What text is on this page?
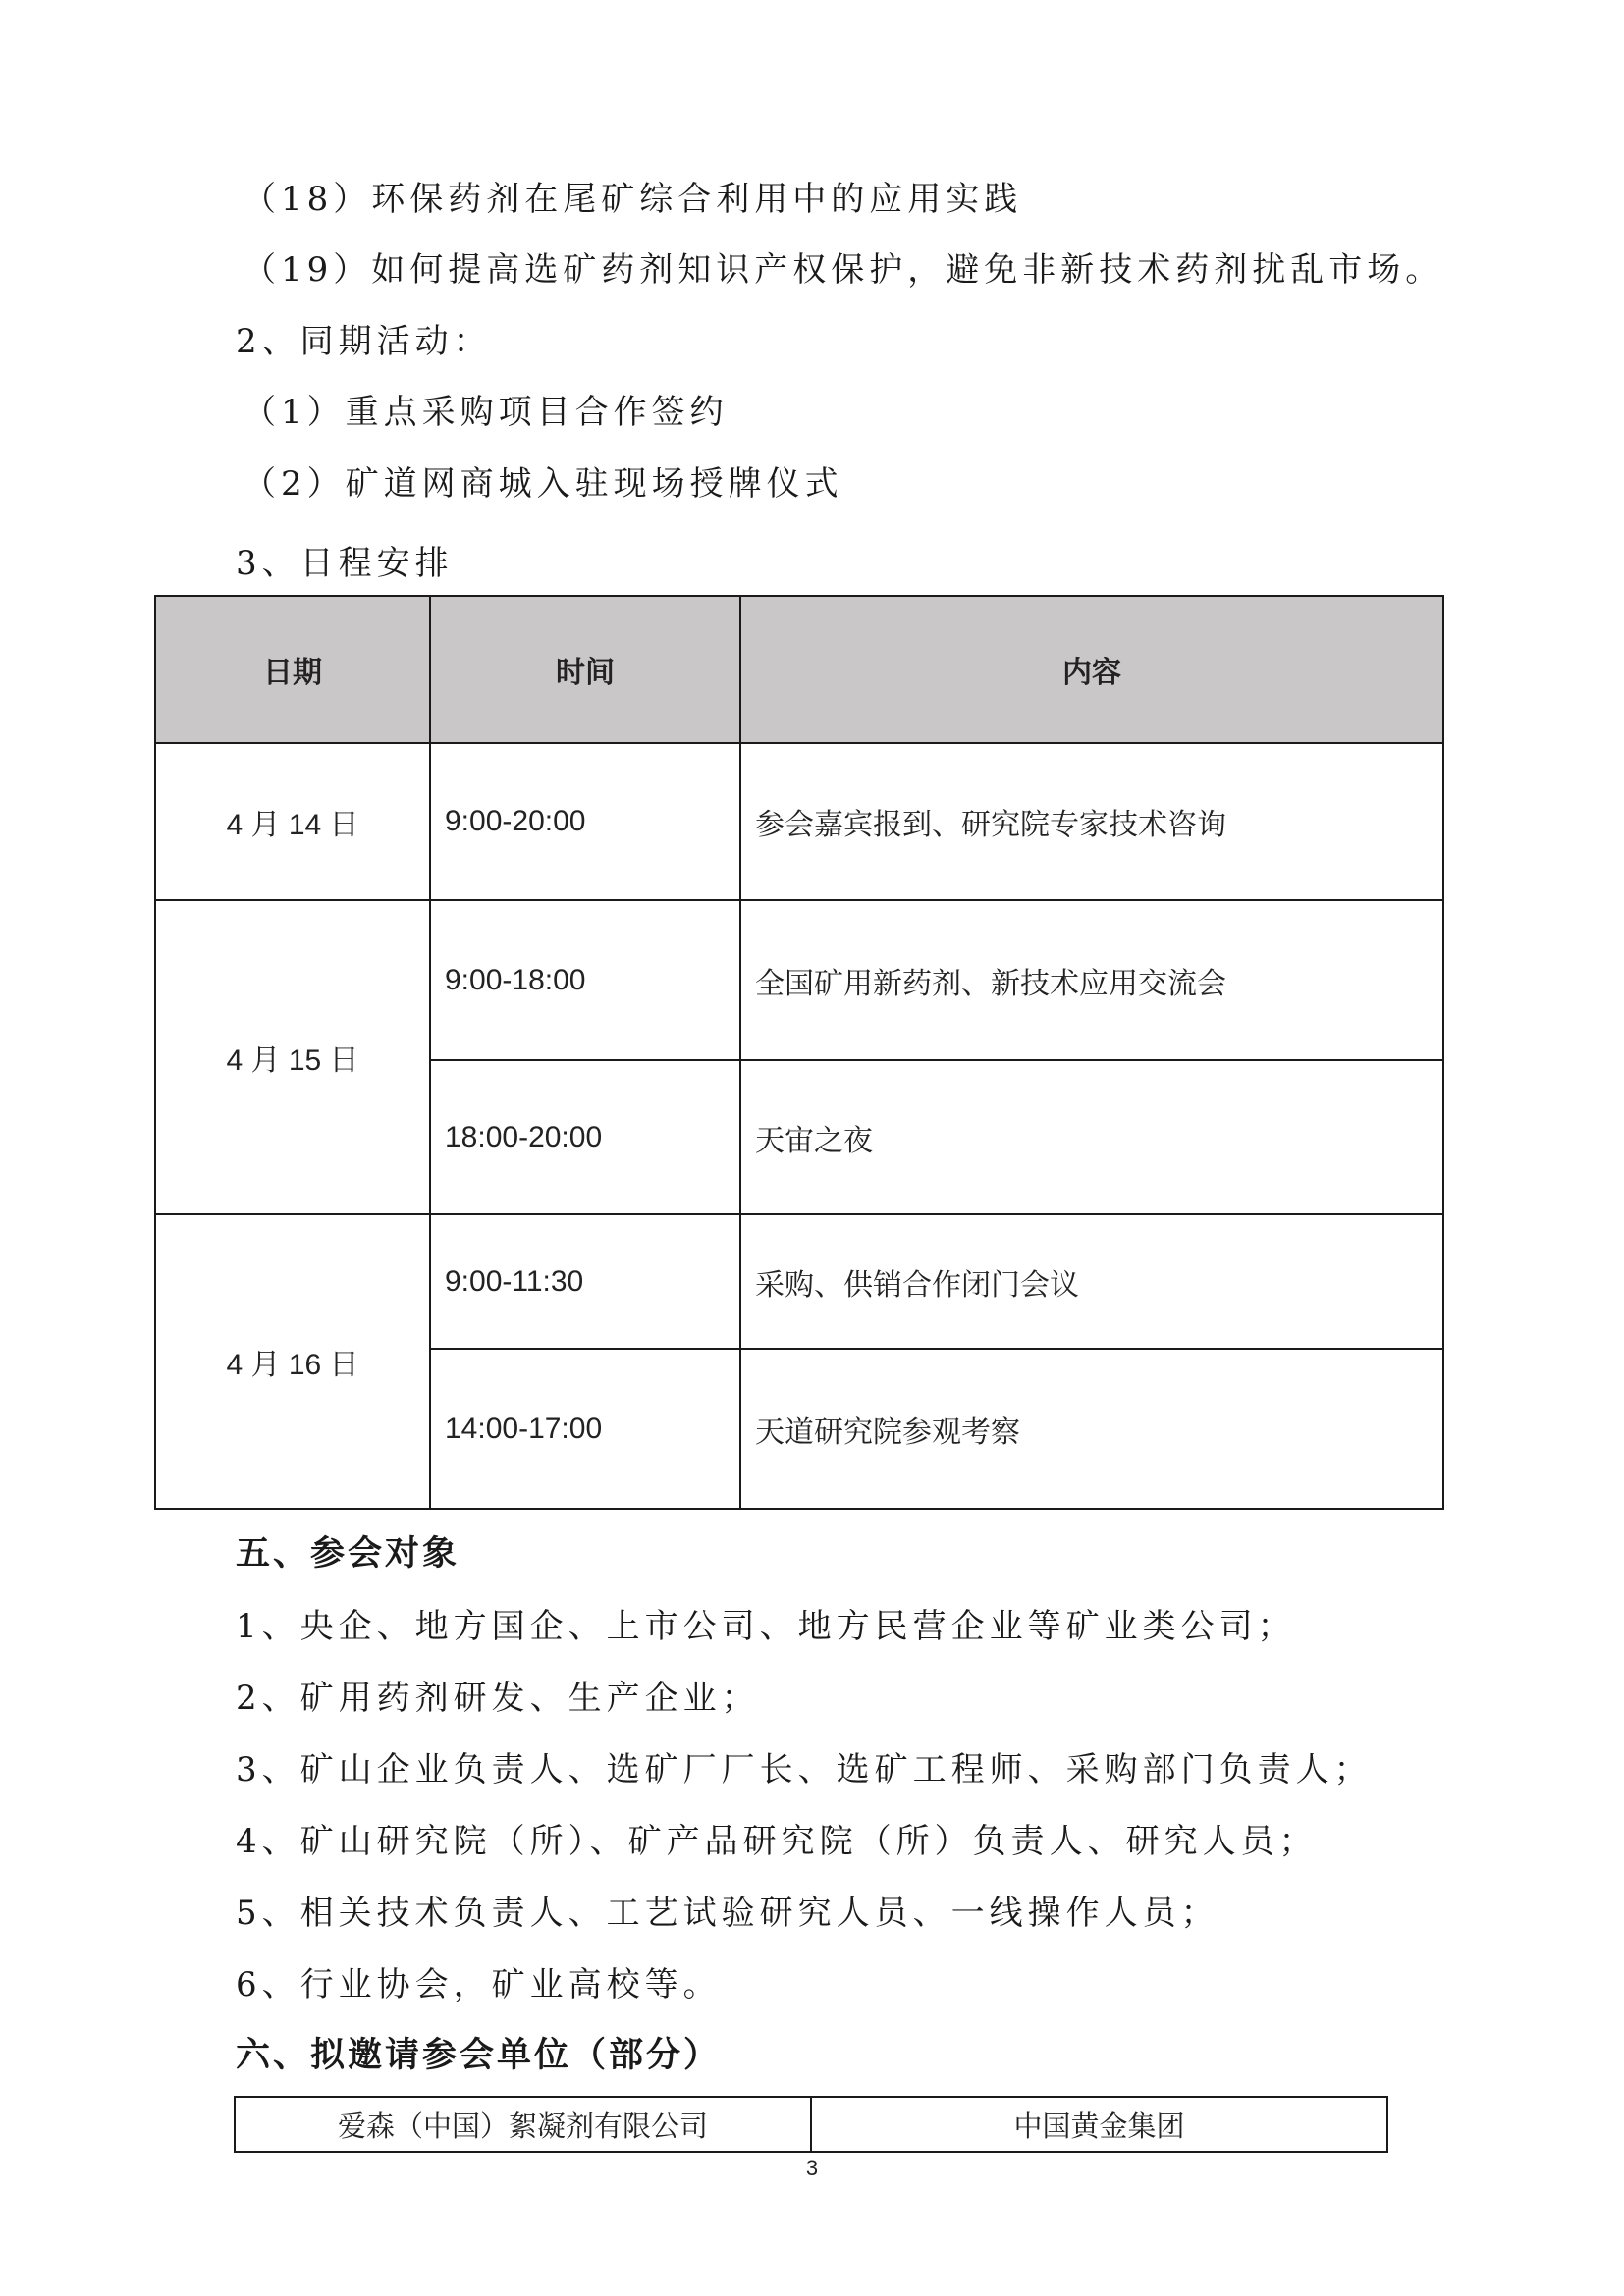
（18）环保药剂在尾矿综合利用中的应用实践
（19）如何提高选矿药剂知识产权保护，避免非新技术药剂扰乱市场。
2、同期活动：
（1）重点采购项目合作签约
（2）矿道网商城入驻现场授牌仪式
3、日程安排
日期	时间	内容
4 月 14 日	9:00-20:00	参会嘉宾报到、研究院专家技术咨询
4 月 15 日	9:00-18:00	全国矿用新药剂、新技术应用交流会
	18:00-20:00	天宙之夜
4 月 16 日	9:00-11:30	采购、供销合作闭门会议
	14:00-17:00	天道研究院参观考察
五、参会对象
1、央企、地方国企、上市公司、地方民营企业等矿业类公司；
2、矿用药剂研发、生产企业；
3、矿山企业负责人、选矿厂厂长、选矿工程师、采购部门负责人；
4、矿山研究院（所）、矿产品研究院（所）负责人、研究人员；
5、相关技术负责人、工艺试验研究人员、一线操作人员；
6、行业协会，矿业高校等。
六、拟邀请参会单位（部分）
爱森（中国）絮凝剂有限公司	中国黄金集团
3
